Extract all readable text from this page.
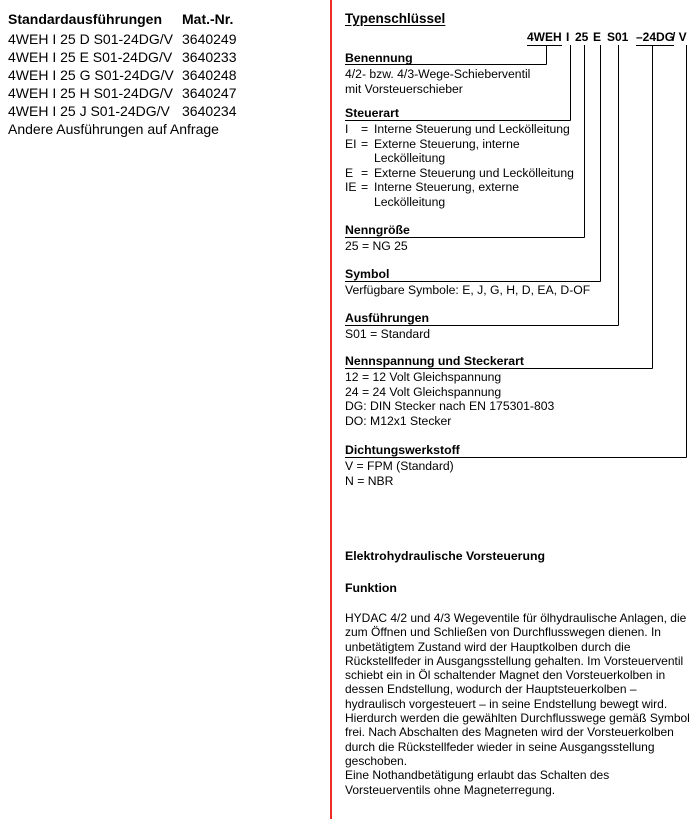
Standardausführungen	Mat.-Nr.
4WEH I 25 D S01-24DG/V 3640249
4WEH I 25 E S01-24DG/V 3640233
4WEH I 25 G S01-24DG/V 3640248
4WEH I 25 H S01-24DG/V 3640247
4WEH I 25 J S01-24DG/V 3640234
Andere Ausführungen auf Anfrage
Typenschlüssel
4WEH I 25 E S01 –24DG
/ V
Benennung
4/2- bzw. 4/3-Wege-Schieberventil
mit Vorsteuerschieber
Steuerart
I	= Interne Steuerung und Leckölleitung
EI = Externe Steuerung, interne
Leckölleitung
E = Externe Steuerung und Leckölleitung
IE = Interne Steuerung, externe
Leckölleitung
Nenngröße
25 = NG 25
Symbol
Verfügbare Symbole: E, J, G, H, D, EA, D-OF
Ausführungen
S01 = Standard
Nennspannung und Steckerart
12 = 12 Volt Gleichspannung
24 = 24 Volt Gleichspannung
DG: DIN Stecker nach EN 175301-803
DO: M12x1 Stecker
Dichtungswerkstoff
V = FPM (Standard)
N = NBR
Elektrohydraulische Vorsteuerung
Funktion
HYDAC 4/2 und 4/3 Wegeventile für ölhydraulische Anlagen, die zum Öffnen und Schließen von Durchflusswegen dienen. In unbetätigtem Zustand wird der Hauptkolben durch die Rückstellfeder in Ausgangsstellung gehalten. Im Vorsteuerventil schiebt ein in Öl schaltender Magnet den Vorsteuerkolben in dessen Endstellung, wodurch der Hauptsteuerkolben – hydraulisch vorgesteuert – in seine Endstellung bewegt wird. Hierdurch werden die gewählten Durchflusswege gemäß Symbol frei. Nach Abschalten des Magneten wird der Vorsteuerkolben durch die Rückstellfeder wieder in seine Ausgangsstellung geschoben.
Eine Nothandbetätigung erlaubt das Schalten des Vorsteuerventils ohne Magneterregung.
